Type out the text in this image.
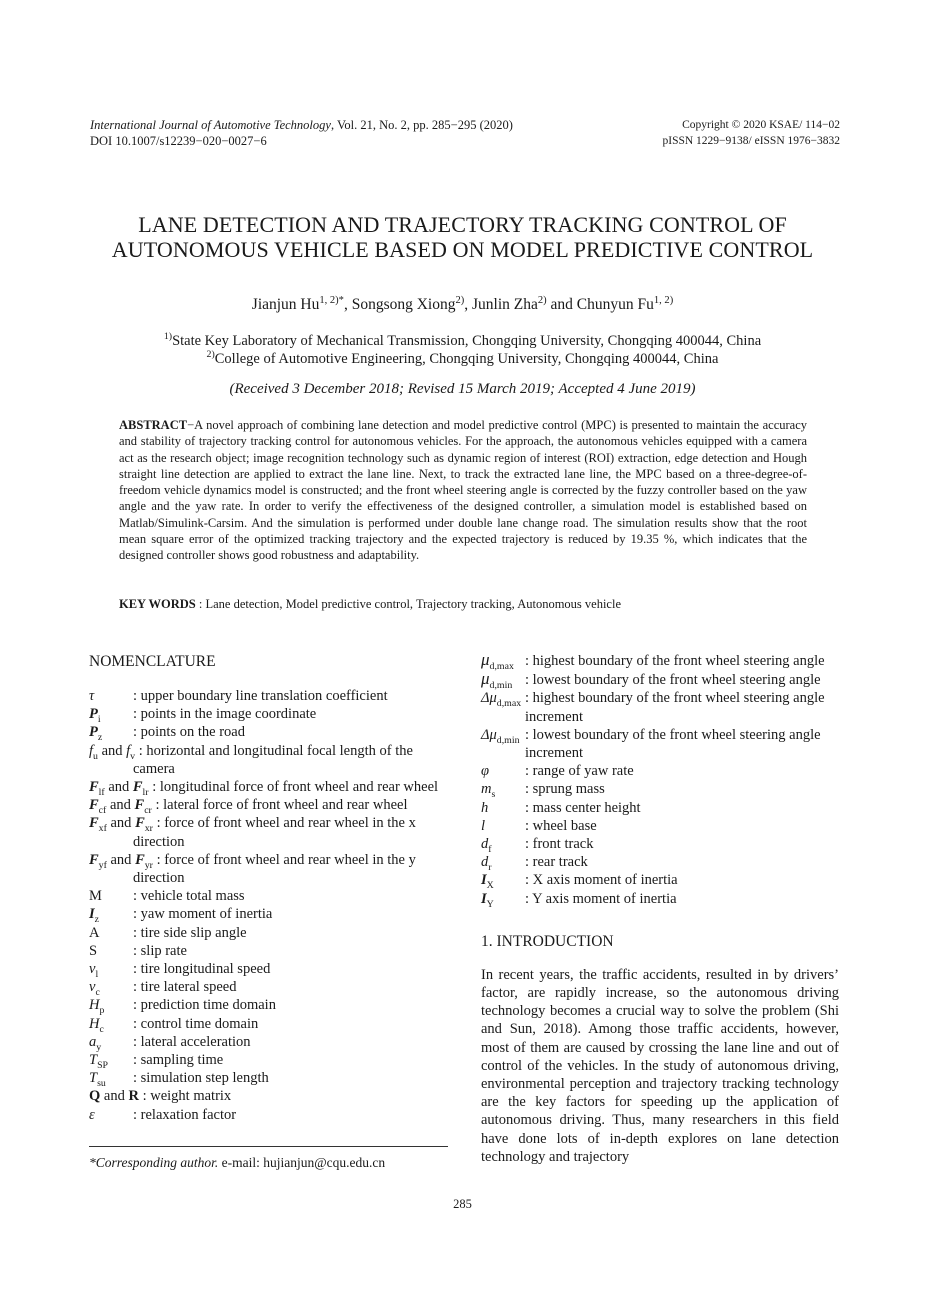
International Journal of Automotive Technology, Vol. 21, No. 2, pp. 285−295 (2020)
DOI 10.1007/s12239−020−0027−6
Copyright © 2020 KSAE/ 114−02
pISSN 1229−9138/ eISSN 1976−3832
LANE DETECTION AND TRAJECTORY TRACKING CONTROL OF
AUTONOMOUS VEHICLE BASED ON MODEL PREDICTIVE CONTROL
Jianjun $Hu^{1, 2)*}$, Songsong Xiong$^{2)}$, Junlin Zha$^{2)}$ and Chunyun Fu$^{1, 2)}$
$^{1)}$State Key Laboratory of Mechanical Transmission, Chongqing University, Chongqing 400044, China
$^{2)}$College of Automotive Engineering, Chongqing University, Chongqing 400044, China
(Received 3 December 2018; Revised 15 March 2019; Accepted 4 June 2019)
ABSTRACT−A novel approach of combining lane detection and model predictive control (MPC) is presented to maintain the accuracy and stability of trajectory tracking control for autonomous vehicles. For the approach, the autonomous vehicles equipped with a camera act as the research object; image recognition technology such as dynamic region of interest (ROI) extraction, edge detection and Hough straight line detection are applied to extract the lane line. Next, to track the extracted lane line, the MPC based on a three-degree-of-freedom vehicle dynamics model is constructed; and the front wheel steering angle is corrected by the fuzzy controller based on the yaw angle and the yaw rate. In order to verify the effectiveness of the designed controller, a simulation model is established based on Matlab/Simulink-Carsim. And the simulation is performed under double lane change road. The simulation results show that the root mean square error of the optimized tracking trajectory and the expected trajectory is reduced by 19.35 %, which indicates that the designed controller shows good robustness and adaptability.
KEY WORDS : Lane detection, Model predictive control, Trajectory tracking, Autonomous vehicle
NOMENCLATURE
τ	: upper boundary line translation coefficient
$P_i$ : points in the image coordinate
$P_z$ : points on the road
$f_u$ and $f_v$ : horizontal and longitudinal focal length of the
camera
$F_{lf}$ and $F_{lr}$ : longitudinal force of front wheel and rear wheel
$F_{cf}$ and $F_{cr}$ : lateral force of front wheel and rear wheel
$F_{xf}$ and $F_{xr}$ : force of front wheel and rear wheel in the x
direction
$F_{yf}$ and $F_{yr}$ : force of front wheel and rear wheel in the y
direction
M : vehicle total mass
$I_z$ : yaw moment of inertia
A : tire side slip angle
S : slip rate
$v_l$ : tire longitudinal speed
$v_c$ : tire lateral speed
$H_p$ : prediction time domain
$H_c$ : control time domain
$a_y$ : lateral acceleration
$T_{SP}$ : sampling time
$T_{su}$ : simulation step length
Q and R : weight matrix
ε	: relaxation factor
*Corresponding author. e-mail: hujianjun@cqu.edu.cn
$\mu_{d,max}$ : highest boundary of the front wheel steering angle
$\mu_{d,min}$ : lowest boundary of the front wheel steering angle
$\Delta\mu_{d,max}$ : highest boundary of the front wheel steering angle
increment
$\Delta\mu_{d,min}$ : lowest boundary of the front wheel steering angle
increment
φ : range of yaw rate
$m_s$ : sprung mass
h	: mass center height
l	: wheel base
$d_f$ : front track
$d_r$ : rear track
$I_X$ : X axis moment of inertia
$I_Y$ : Y axis moment of inertia
1. INTRODUCTION
In recent years, the traffic accidents, resulted in by drivers’ factor, are rapidly increase, so the autonomous driving technology becomes a crucial way to solve the problem (Shi and Sun, 2018). Among those traffic accidents, however, most of them are caused by crossing the lane line and out of control of the vehicles. In the study of autonomous driving, environmental perception and trajectory tracking technology are the key factors for speeding up the application of autonomous driving. Thus, many researchers in this field have done lots of in-depth explores on lane detection technology and trajectory
285
